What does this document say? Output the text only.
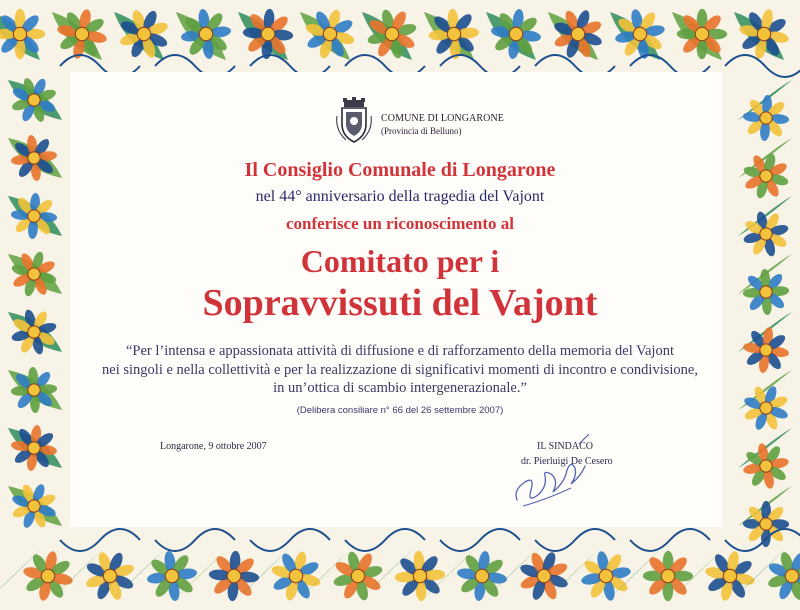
COMUNE DI LONGARONE
(Provincia di Belluno)
Il Consiglio Comunale di Longarone
nel 44° anniversario della tragedia del Vajont
conferisce un riconoscimento al
Comitato per i
Sopravvissuti del Vajont
“Per l’intensa e appassionata attività di diffusione e di rafforzamento della memoria del Vajont
nei singoli e nella collettività e per la realizzazione di significativi momenti di incontro e condivisione,
in un’ottica di scambio intergenerazionale.”
(Delibera consiliare n° 66 del 26 settembre 2007)
Longarone, 9 ottobre 2007	IL SINDACO
dr. Pierluigi De Cesero
